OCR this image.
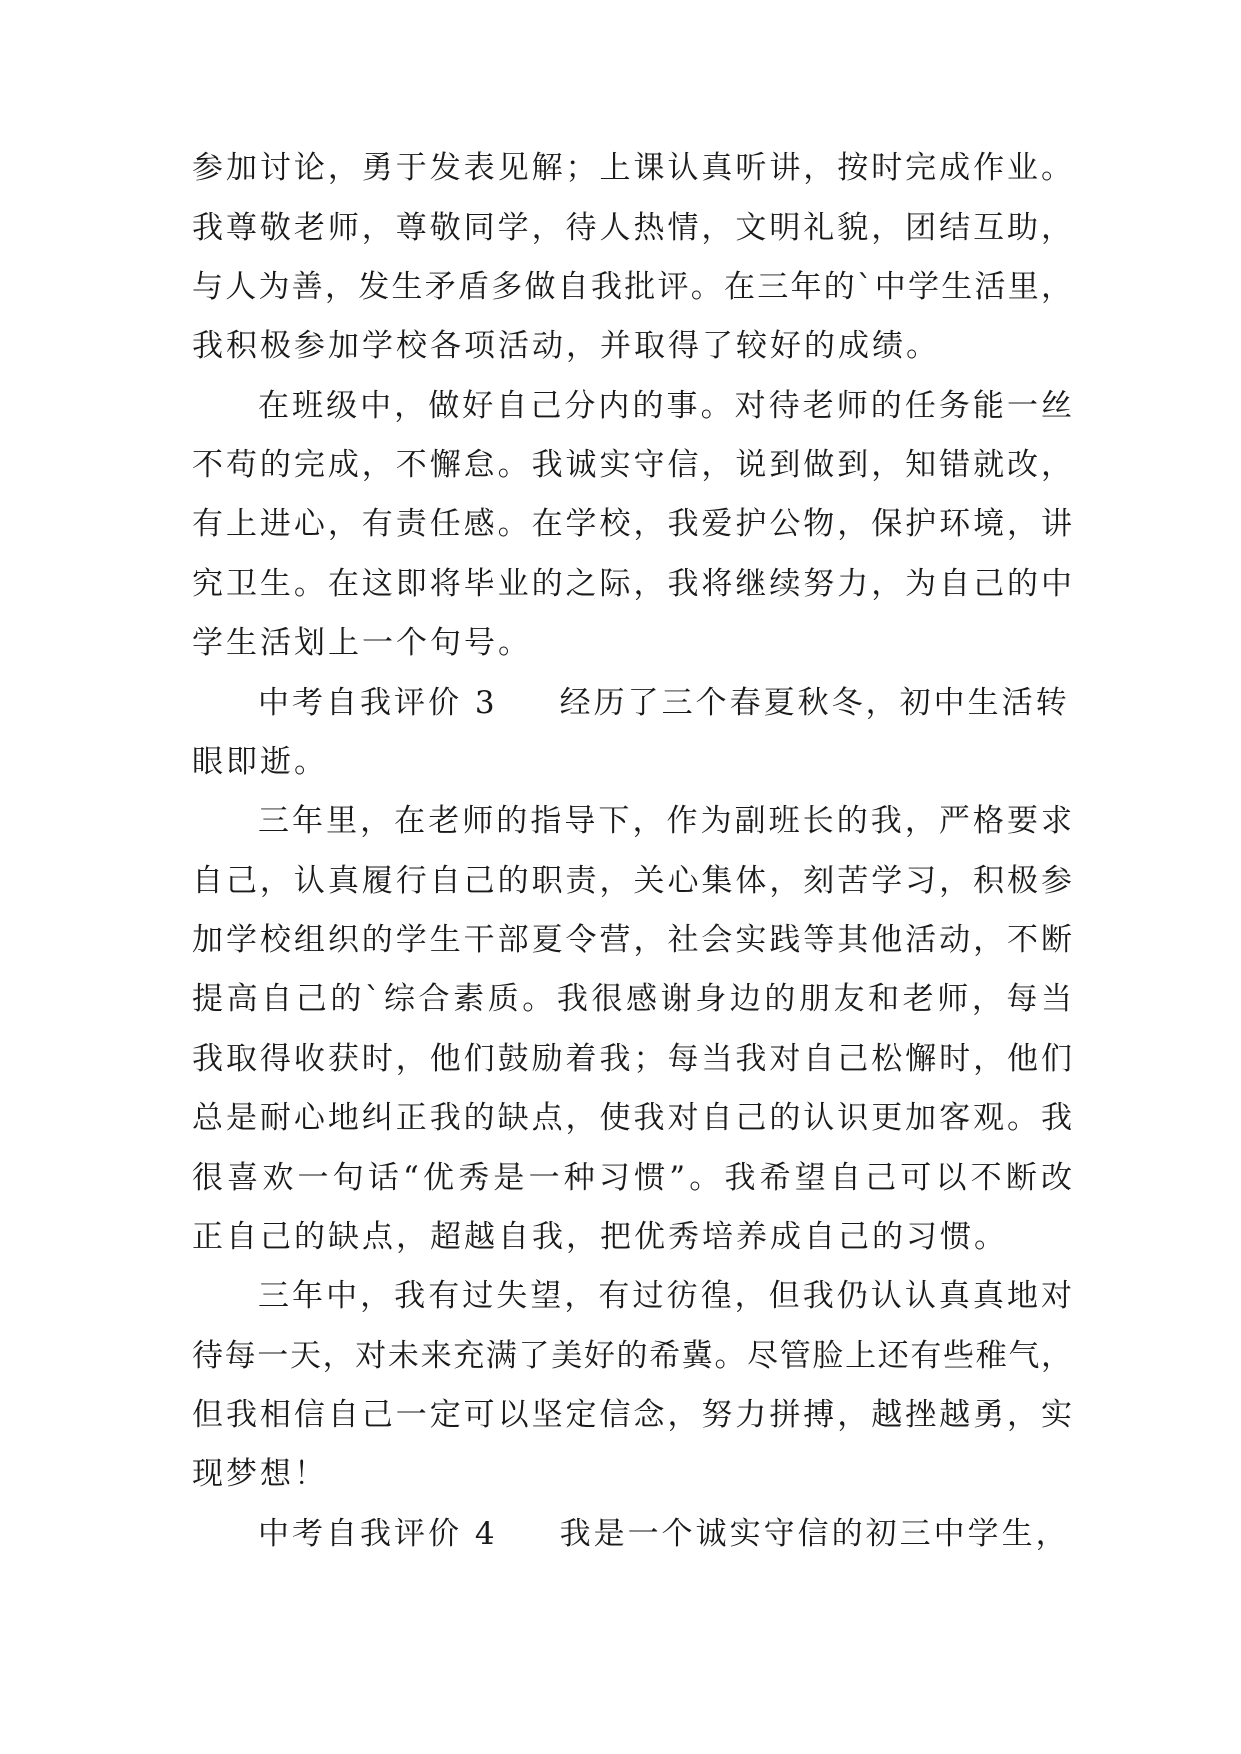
参加讨论，勇于发表见解；上课认真听讲，按时完成作业。
我尊敬老师，尊敬同学，待人热情，文明礼貌，团结互助，
与人为善，发生矛盾多做自我批评。在三年的`中学生活里，
我积极参加学校各项活动，并取得了较好的成绩。
在班级中，做好自己分内的事。对待老师的任务能一丝
不苟的完成，不懈怠。我诚实守信，说到做到，知错就改，
有上进心，有责任感。在学校，我爱护公物，保护环境，讲
究卫生。在这即将毕业的之际，我将继续努力，为自己的中
学生活划上一个句号。
中考自我评价 3 经历了三个春夏秋冬，初中生活转
眼即逝。
三年里，在老师的指导下，作为副班长的我，严格要求
自己，认真履行自己的职责，关心集体，刻苦学习，积极参
加学校组织的学生干部夏令营，社会实践等其他活动，不断
提高自己的`综合素质。我很感谢身边的朋友和老师，每当
我取得收获时，他们鼓励着我；每当我对自己松懈时，他们
总是耐心地纠正我的缺点，使我对自己的认识更加客观。我
很喜欢一句话“优秀是一种习惯”。我希望自己可以不断改
正自己的缺点，超越自我，把优秀培养成自己的习惯。
三年中，我有过失望，有过彷徨，但我仍认认真真地对
待每一天，对未来充满了美好的希冀。尽管脸上还有些稚气，
但我相信自己一定可以坚定信念，努力拼搏，越挫越勇，实
现梦想！
中考自我评价 4 我是一个诚实守信的初三中学生，
